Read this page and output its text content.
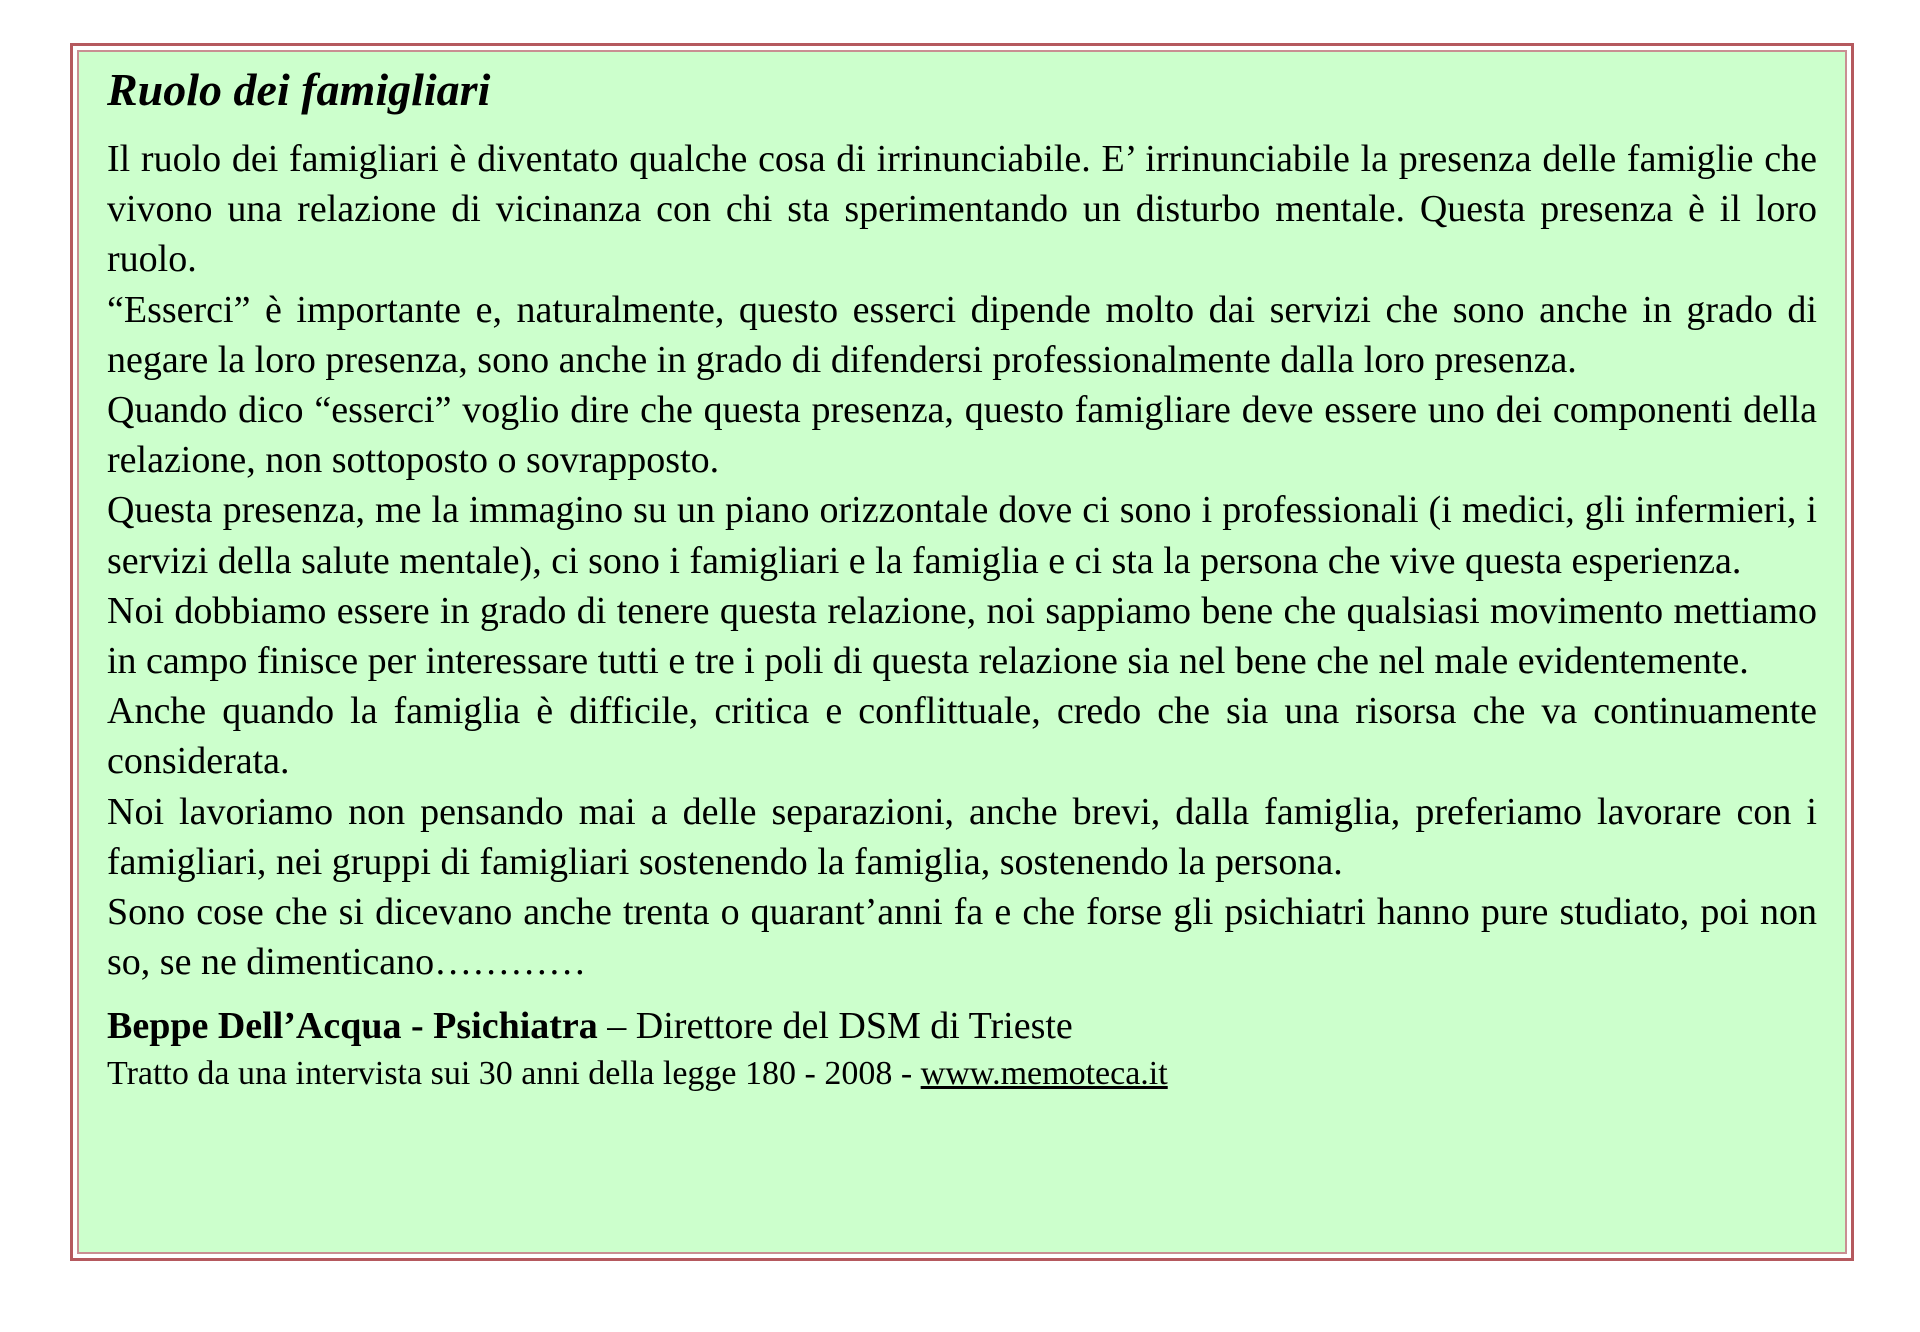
Ruolo dei famigliari

Il ruolo dei famigliari è diventato qualche cosa di irrinunciabile. E’ irrinunciabile la presenza delle famiglie che vivono una relazione di vicinanza con chi sta sperimentando un disturbo mentale. Questa presenza è il loro ruolo.

“Esserci” è importante e, naturalmente, questo esserci dipende molto dai servizi che sono anche in grado di negare la loro presenza, sono anche in grado di difendersi professionalmente dalla loro presenza.

Quando dico “esserci” voglio dire che questa presenza, questo famigliare deve essere uno dei componenti della relazione, non sottoposto o sovrapposto.

Questa presenza, me la immagino su un piano orizzontale dove ci sono i professionali (i medici, gli infermieri, i servizi della salute mentale), ci sono i famigliari e la famiglia e ci sta la persona che vive questa esperienza.

Noi dobbiamo essere in grado di tenere questa relazione, noi sappiamo bene che qualsiasi movimento mettiamo in campo finisce per interessare tutti e tre i poli di questa relazione sia nel bene che nel male evidentemente.

Anche quando la famiglia è difficile, critica e conflittuale, credo che sia una risorsa che va continuamente considerata.

Noi lavoriamo non pensando mai a delle separazioni, anche brevi, dalla famiglia, preferiamo lavorare con i famigliari, nei gruppi di famigliari sostenendo la famiglia, sostenendo la persona.

Sono cose che si dicevano anche trenta o quarant’anni fa e che forse gli psichiatri hanno pure studiato, poi non so, se ne dimenticano…………

Beppe Dell’Acqua - Psichiatra – Direttore del DSM di Trieste
Tratto da una intervista sui 30 anni della legge 180 - 2008 - www.memoteca.it
